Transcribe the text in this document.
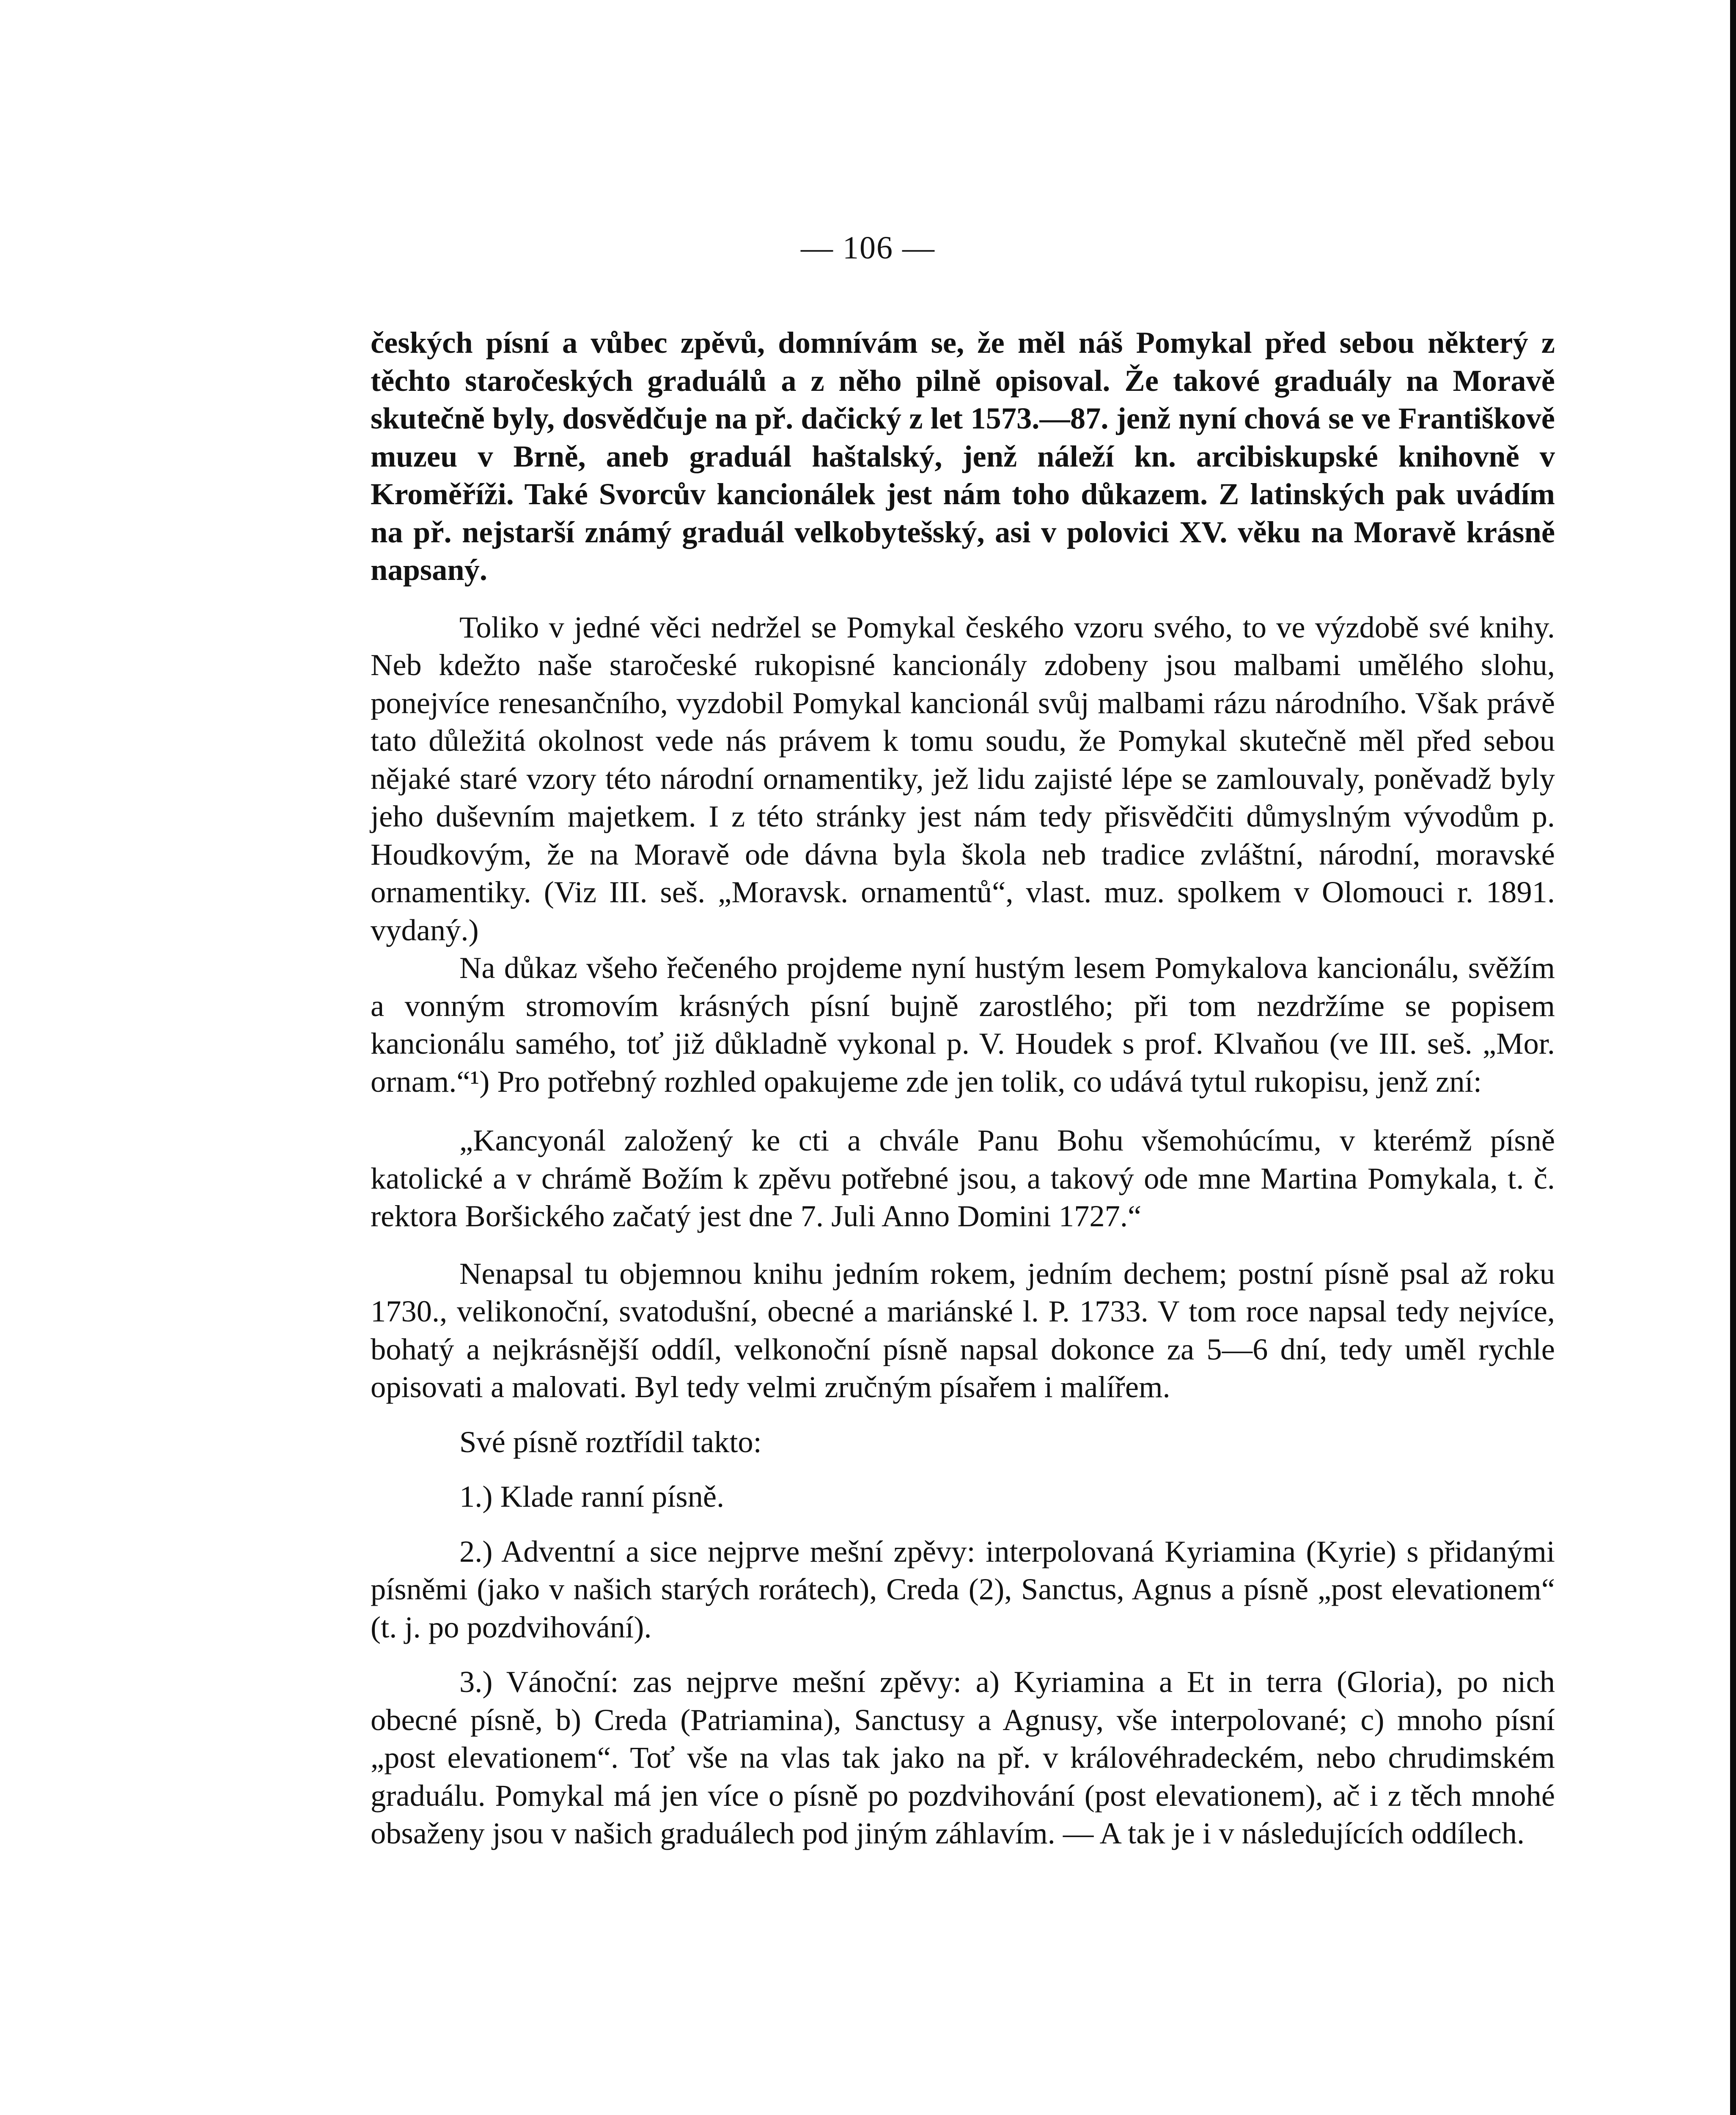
— 106 —

českých písní a vůbec zpěvů, domnívám se, že měl náš Pomykal před sebou některý z těchto staročeských graduálů a z něho pilně opisoval. Že takové graduály na Moravě skutečně byly, dosvědčuje na př. dačický z let 1573.—87. jenž nyní chová se ve Františkově muzeu v Brně, aneb graduál haštalský, jenž náleží kn. arcibiskupské knihovně v Kroměříži. Také Svorcův kancionálek jest nám toho důkazem. Z latinských pak uvádím na př. nejstarší známý graduál velkobytešský, asi v polovici XV. věku na Moravě krásně napsaný.

Toliko v jedné věci nedržel se Pomykal českého vzoru svého, to ve výzdobě své knihy. Neb kdežto naše staročeské rukopisné kancionály zdobeny jsou malbami umělého slohu, ponejvíce renesančního, vyzdobil Pomykal kancionál svůj malbami rázu národního. Však právě tato důležitá okolnost vede nás právem k tomu soudu, že Pomykal skutečně měl před sebou nějaké staré vzory této národní ornamentiky, jež lidu zajisté lépe se zamlouvaly, poněvadž byly jeho duševním majetkem. I z této stránky jest nám tedy přisvědčiti důmyslným vývodům p. Houdkovým, že na Moravě ode dávna byla škola neb tradice zvláštní, národní, moravské ornamentiky. (Viz III. seš. „Moravsk. ornamentů“, vlast. muz. spolkem v Olomouci r. 1891. vydaný.)

Na důkaz všeho řečeného projdeme nyní hustým lesem Pomykalova kancionálu, svěžím a vonným stromovím krásných písní bujně zarostlého; při tom nezdržíme se popisem kancionálu samého, toť již důkladně vykonal p. V. Houdek s prof. Klvaňou (ve III. seš. „Mor. ornam.“¹) Pro potřebný rozhled opakujeme zde jen tolik, co udává tytul rukopisu, jenž zní:

„Kancyonál založený ke cti a chvále Panu Bohu všemohúcímu, v kterémž písně katolické a v chrámě Božím k zpěvu potřebné jsou, a takový ode mne Martina Pomykala, t. č. rektora Boršického začatý jest dne 7. Juli Anno Domini 1727.“

Nenapsal tu objemnou knihu jedním rokem, jedním dechem; postní písně psal až roku 1730., velikonoční, svatodušní, obecné a mariánské l. P. 1733. V tom roce napsal tedy nejvíce, bohatý a nejkrásnější oddíl, velkonoční písně napsal dokonce za 5—6 dní, tedy uměl rychle opisovati a malovati. Byl tedy velmi zručným písařem i malířem.

Své písně roztřídil takto:

1.) Klade ranní písně.

2.) Adventní a sice nejprve mešní zpěvy: interpolovaná Kyriamina (Kyrie) s přidanými písněmi (jako v našich starých rorátech), Creda (2), Sanctus, Agnus a písně „post elevationem“ (t. j. po pozdvihování).

3.) Vánoční: zas nejprve mešní zpěvy: a) Kyriamina a Et in terra (Gloria), po nich obecné písně, b) Creda (Patriamina), Sanctusy a Agnusy, vše interpolované; c) mnoho písní „post elevationem“. Toť vše na vlas tak jako na př. v královéhradeckém, nebo chrudimském graduálu. Pomykal má jen více o písně po pozdvihování (post elevationem), ač i z těch mnohé obsaženy jsou v našich graduálech pod jiným záhlavím. — A tak je i v následujících oddílech.
